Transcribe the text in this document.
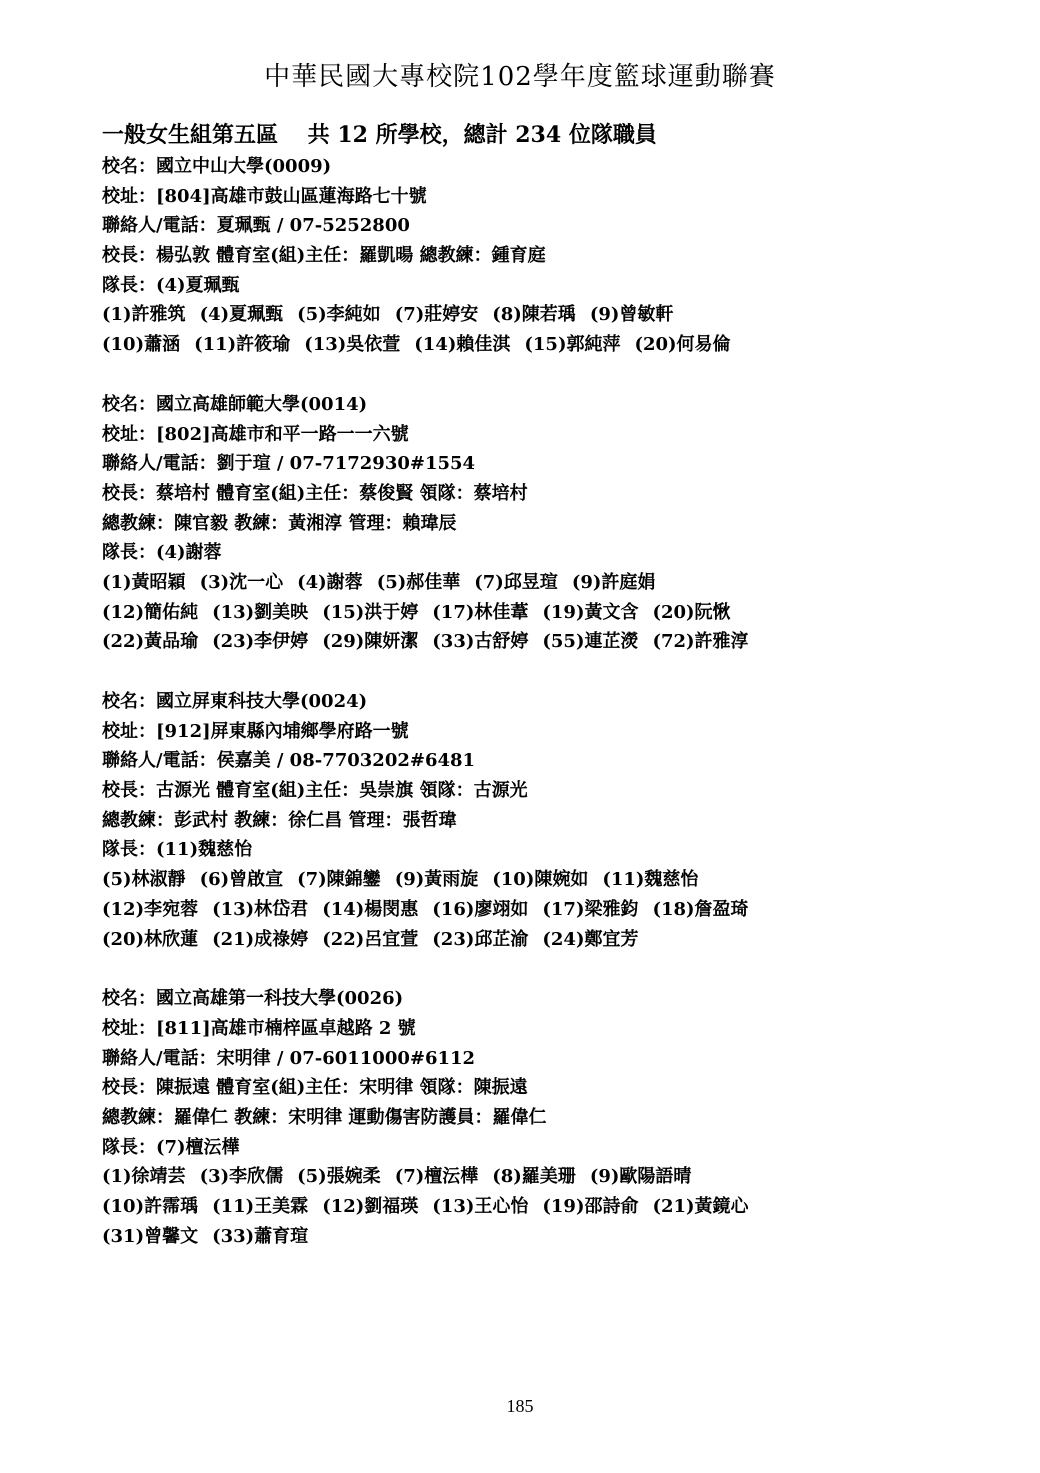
中華民國大專校院102學年度籃球運動聯賽
一般女生組第五區　 共 12 所學校，總計 234 位隊職員
校名：國立中山大學(0009)
校址：[804]高雄市鼓山區蓮海路七十號
聯絡人/電話：夏珮甄 / 07-5252800
校長：楊弘敦 體育室(組)主任：羅凱暘 總教練：鍾育庭
隊長：(4)夏珮甄
(1)許雅筑 (4)夏珮甄 (5)李純如 (7)莊婷安 (8)陳若瑀 (9)曾敏軒
(10)蕭涵 (11)許筱瑜 (13)吳依萱 (14)賴佳淇 (15)郭純萍 (20)何易倫
校名：國立高雄師範大學(0014)
校址：[802]高雄市和平一路一一六號
聯絡人/電話：劉于瑄 / 07-7172930#1554
校長：蔡培村 體育室(組)主任：蔡俊賢 領隊：蔡培村
總教練：陳官毅 教練：黃湘淳 管理：賴瑋辰
隊長：(4)謝蓉
(1)黃昭穎 (3)沈一心 (4)謝蓉 (5)郝佳華 (7)邱昱瑄 (9)許庭娟
(12)簡佑純 (13)劉美映 (15)洪于婷 (17)林佳葦 (19)黃文含 (20)阮愀
(22)黃品瑜 (23)李伊婷 (29)陳妍潔 (33)古舒婷 (55)連芷濙 (72)許雅淳
校名：國立屏東科技大學(0024)
校址：[912]屏東縣內埔鄉學府路一號
聯絡人/電話：侯嘉美 / 08-7703202#6481
校長：古源光 體育室(組)主任：吳崇旗 領隊：古源光
總教練：彭武村 教練：徐仁昌 管理：張哲瑋
隊長：(11)魏慈怡
(5)林淑靜 (6)曾啟宣 (7)陳錦鑾 (9)黃雨旋 (10)陳婉如 (11)魏慈怡
(12)李宛蓉 (13)林岱君 (14)楊閔惠 (16)廖翊如 (17)梁雅鈞 (18)詹盈琦
(20)林欣蓮 (21)成祿婷 (22)呂宜萱 (23)邱芷渝 (24)鄭宜芳
校名：國立高雄第一科技大學(0026)
校址：[811]高雄市楠梓區卓越路 2 號
聯絡人/電話：宋明律 / 07-6011000#6112
校長：陳振遠 體育室(組)主任：宋明律 領隊：陳振遠
總教練：羅偉仁 教練：宋明律 運動傷害防護員：羅偉仁
隊長：(7)檀沄樺
(1)徐靖芸 (3)李欣儒 (5)張婉柔 (7)檀沄樺 (8)羅美珊 (9)歐陽語晴
(10)許霈瑀 (11)王美霖 (12)劉福瑛 (13)王心怡 (19)邵詩俞 (21)黃鏡心
(31)曾馨文 (33)蕭育瑄
185
